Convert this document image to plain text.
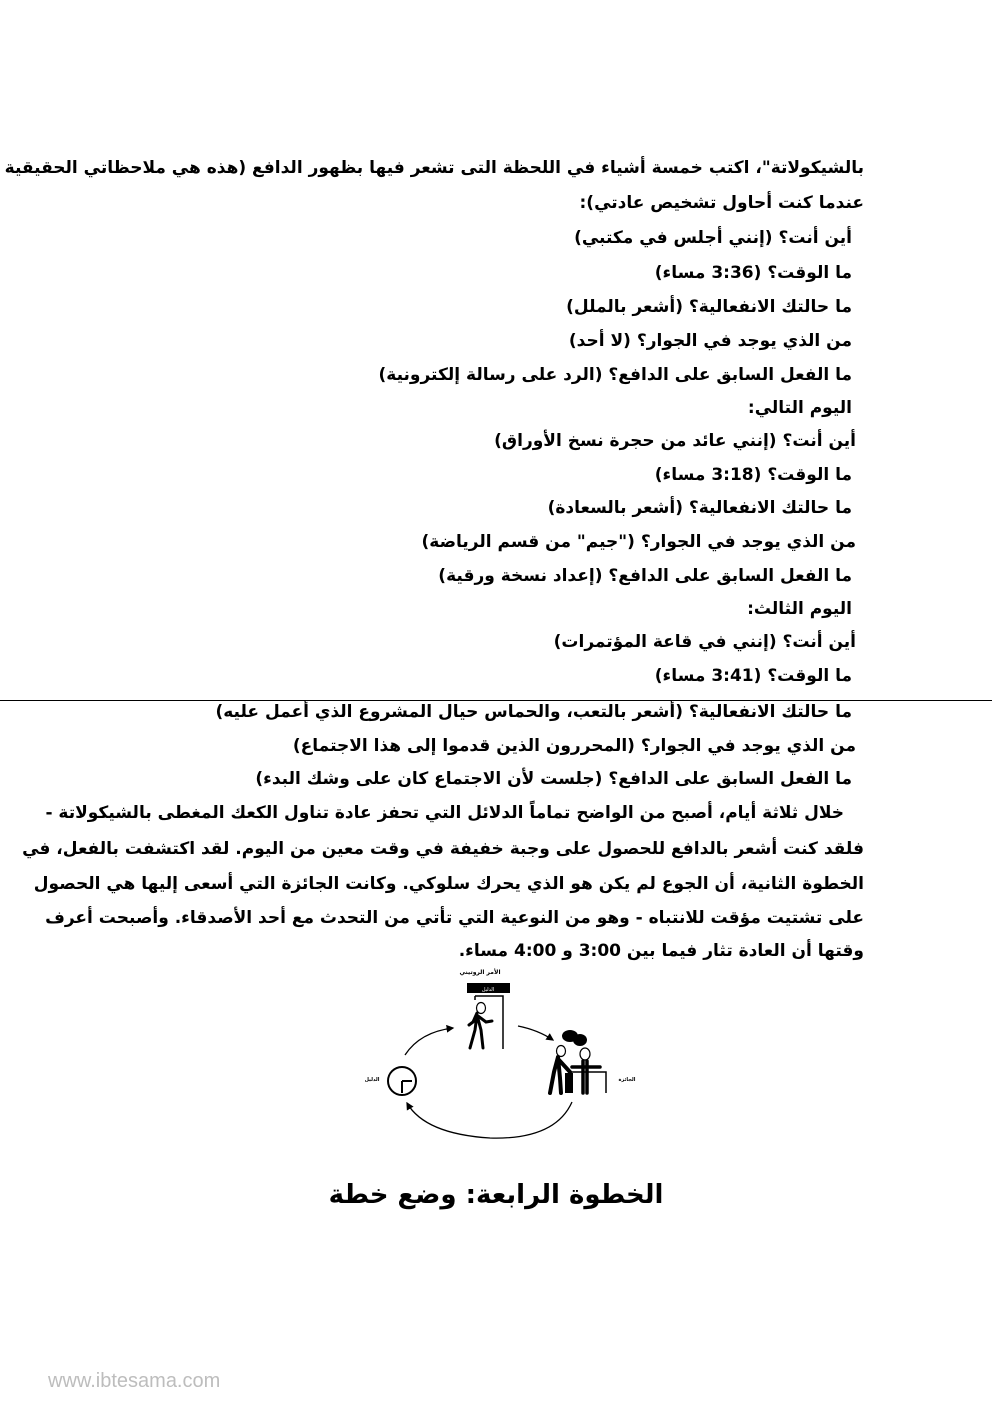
بالشيكولاتة"، اكتب خمسة أشياء في اللحظة التى تشعر فيها بظهور الدافع (هذه هي ملاحظاتي الحقيقية
عندما كنت أحاول تشخيص عادتي):
أين أنت؟ (إنني أجلس في مكتبي)
ما الوقت؟ (3:36 مساء)
ما حالتك الانفعالية؟ (أشعر بالملل)
من الذي يوجد في الجوار؟ (لا أحد)
ما الفعل السابق على الدافع؟ (الرد على رسالة إلكترونية)
اليوم التالي:
أين أنت؟ (إنني عائد من حجرة نسخ الأوراق)
ما الوقت؟ (3:18 مساء)
ما حالتك الانفعالية؟ (أشعر بالسعادة)
من الذي يوجد في الجوار؟ ("جيم" من قسم الرياضة)
ما الفعل السابق على الدافع؟ (إعداد نسخة ورقية)
اليوم الثالث:
أين أنت؟ (إنني في قاعة المؤتمرات)
ما الوقت؟ (3:41 مساء)
ما حالتك الانفعالية؟ (أشعر بالتعب، والحماس حيال المشروع الذي أعمل عليه)
من الذي يوجد في الجوار؟ (المحررون الذين قدموا إلى هذا الاجتماع)
ما الفعل السابق على الدافع؟ (جلست لأن الاجتماع كان على وشك البدء)
خلال ثلاثة أيام، أصبح من الواضح تماماً الدلائل التي تحفز عادة تناول الكعك المغطى بالشيكولاتة -
فلقد كنت أشعر بالدافع للحصول على وجبة خفيفة في وقت معين من اليوم. لقد اكتشفت بالفعل، في
الخطوة الثانية، أن الجوع لم يكن هو الذي يحرك سلوكي. وكانت الجائزة التي أسعى إليها هي الحصول
على تشتيت مؤقت للانتباه - وهو من النوعية التي تأتي من التحدث مع أحد الأصدقاء. وأصبحت أعرف
وقتها أن العادة تثار فيما بين 3:00 و 4:00 مساء.
الأمر الروتيني
الدليل
الدليل	الجائزة
الخطوة الرابعة: وضع خطة
www.ibtesama.com
